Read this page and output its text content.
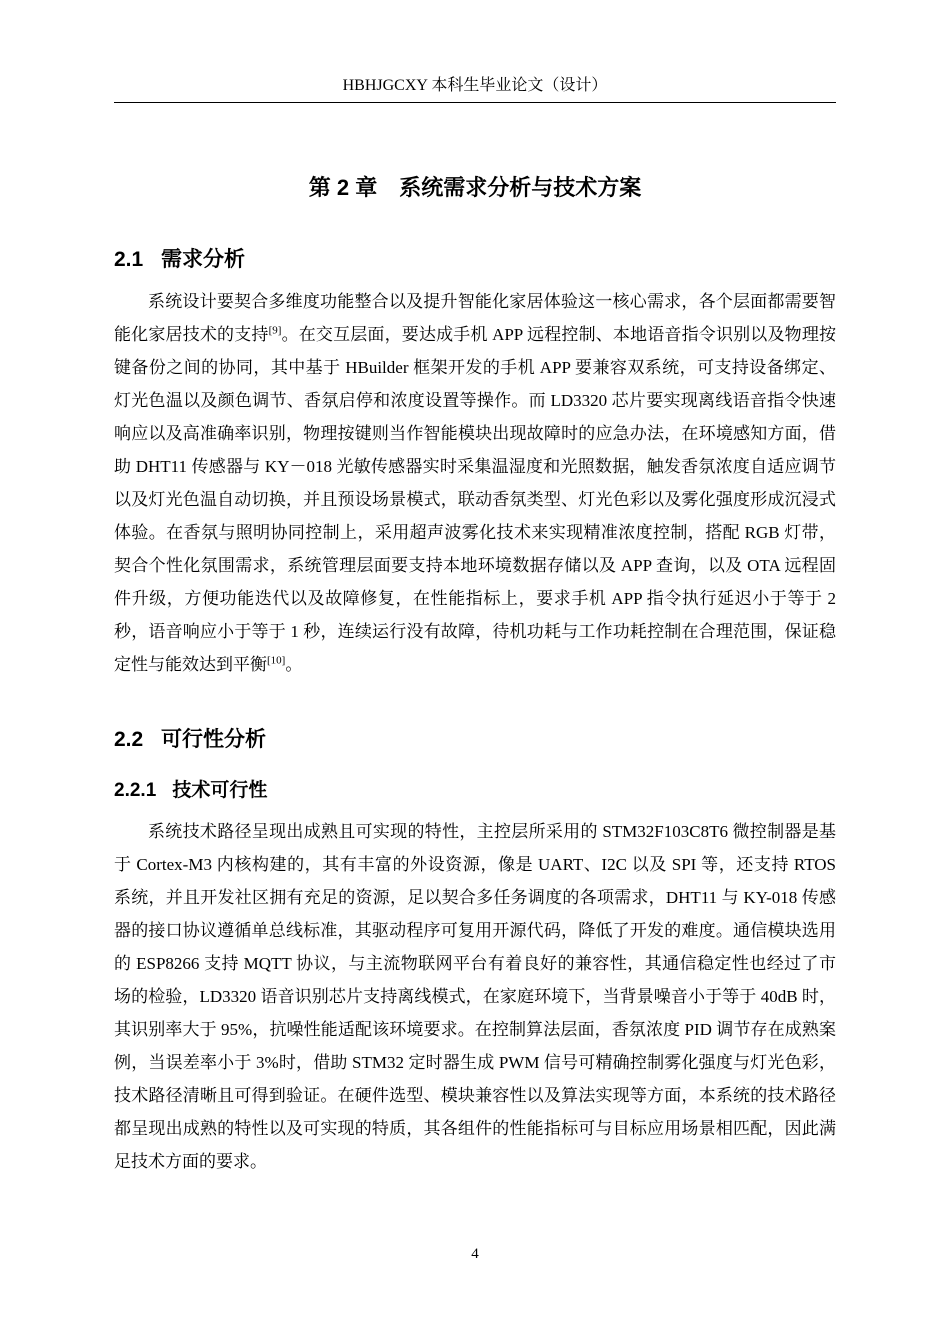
HBHJGCXY 本科生毕业论文（设计）
第 2 章　系统需求分析与技术方案
2.1 需求分析

系统设计要契合多维度功能整合以及提升智能化家居体验这一核心需求，各个层面都需要智能化家居技术的支持[9]。在交互层面，要达成手机 APP 远程控制、本地语音指令识别以及物理按键备份之间的协同，其中基于 HBuilder 框架开发的手机 APP 要兼容双系统，可支持设备绑定、灯光色温以及颜色调节、香氛启停和浓度设置等操作。而 LD3320 芯片要实现离线语音指令快速响应以及高准确率识别，物理按键则当作智能模块出现故障时的应急办法，在环境感知方面，借助 DHT11 传感器与 KY－018 光敏传感器实时采集温湿度和光照数据，触发香氛浓度自适应调节以及灯光色温自动切换，并且预设场景模式，联动香氛类型、灯光色彩以及雾化强度形成沉浸式体验。在香氛与照明协同控制上，采用超声波雾化技术来实现精准浓度控制，搭配 RGB 灯带，契合个性化氛围需求，系统管理层面要支持本地环境数据存储以及 APP 查询，以及 OTA 远程固件升级，方便功能迭代以及故障修复，在性能指标上，要求手机 APP 指令执行延迟小于等于 2 秒，语音响应小于等于 1 秒，连续运行没有故障，待机功耗与工作功耗控制在合理范围，保证稳定性与能效达到平衡[10]。

2.2 可行性分析
2.2.1 技术可行性

系统技术路径呈现出成熟且可实现的特性，主控层所采用的 STM32F103C8T6 微控制器是基于 Cortex-M3 内核构建的，其有丰富的外设资源，像是 UART、I2C 以及 SPI 等，还支持 RTOS 系统，并且开发社区拥有充足的资源，足以契合多任务调度的各项需求，DHT11 与 KY-018 传感器的接口协议遵循单总线标准，其驱动程序可复用开源代码，降低了开发的难度。通信模块选用的 ESP8266 支持 MQTT 协议，与主流物联网平台有着良好的兼容性，其通信稳定性也经过了市场的检验，LD3320 语音识别芯片支持离线模式，在家庭环境下，当背景噪音小于等于 40dB 时，其识别率大于 95%，抗噪性能适配该环境要求。在控制算法层面，香氛浓度 PID 调节存在成熟案例，当误差率小于 3%时，借助 STM32 定时器生成 PWM 信号可精确控制雾化强度与灯光色彩，技术路径清晰且可得到验证。在硬件选型、模块兼容性以及算法实现等方面，本系统的技术路径都呈现出成熟的特性以及可实现的特质，其各组件的性能指标可与目标应用场景相匹配，因此满足技术方面的要求。

4
